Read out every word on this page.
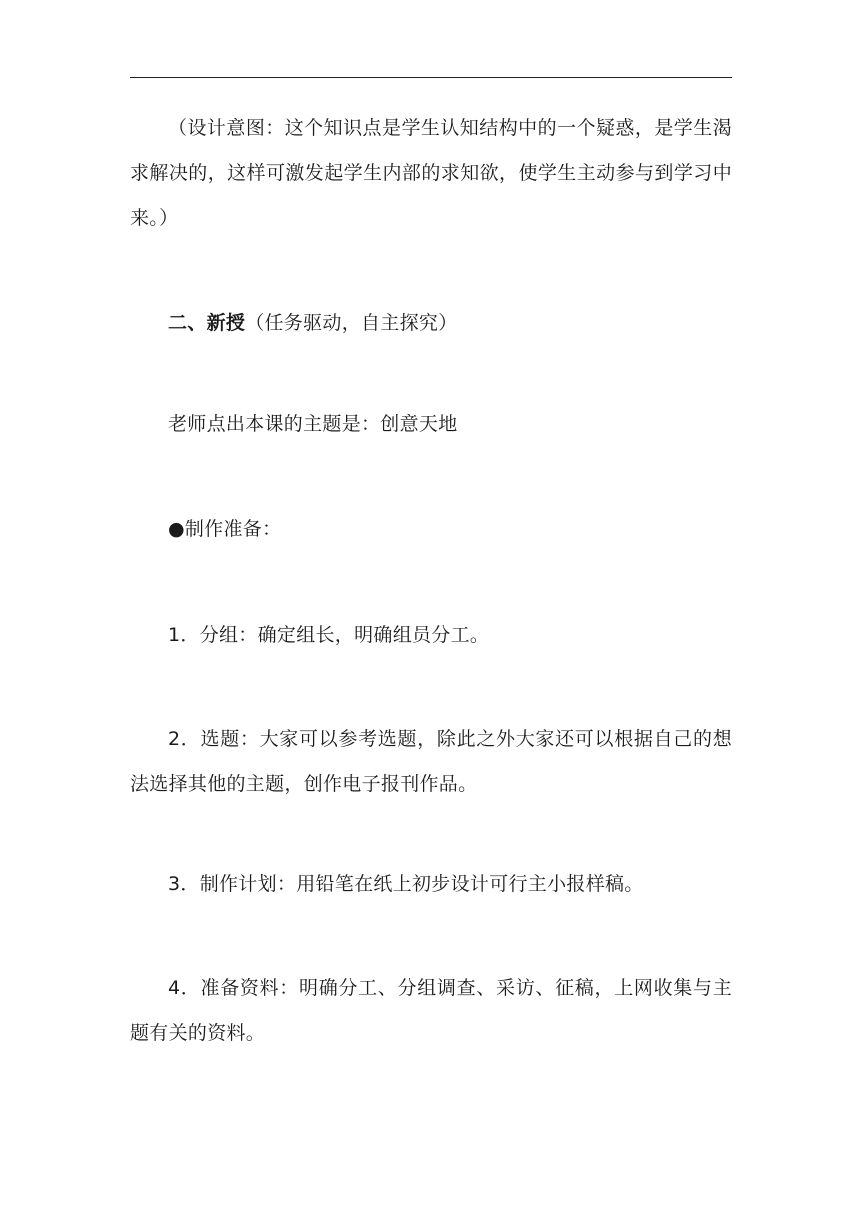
（设计意图：这个知识点是学生认知结构中的一个疑惑，是学生渴求解决的，这样可激发起学生内部的求知欲，使学生主动参与到学习中来。）

二、新授（任务驱动，自主探究）

老师点出本课的主题是：创意天地

●制作准备：

1．分组：确定组长，明确组员分工。

2．选题：大家可以参考选题，除此之外大家还可以根据自己的想法选择其他的主题，创作电子报刊作品。

3．制作计划：用铅笔在纸上初步设计可行主小报样稿。

4．准备资料：明确分工、分组调查、采访、征稿，上网收集与主题有关的资料。
